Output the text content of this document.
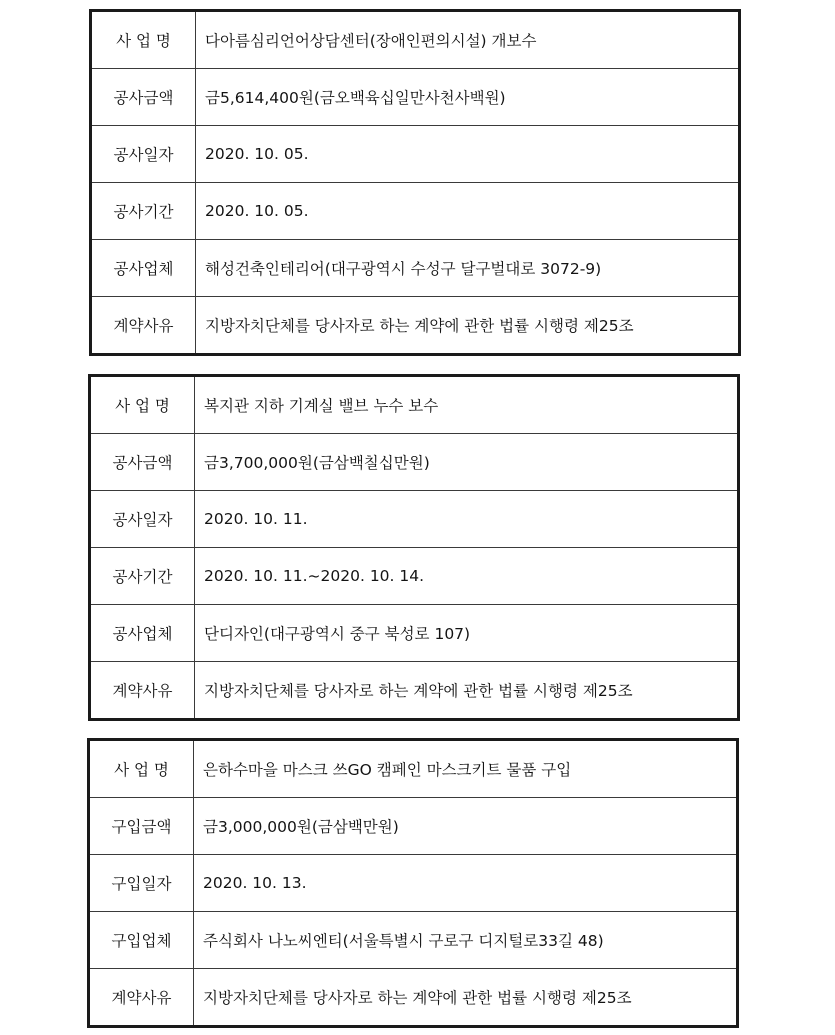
사 업 명	다아름심리언어상담센터(장애인편의시설) 개보수
공사금액	금5,614,400원(금오백육십일만사천사백원)
공사일자	2020. 10. 05.
공사기간	2020. 10. 05.
공사업체	해성건축인테리어(대구광역시 수성구 달구벌대로 3072-9)
계약사유	지방자치단체를 당사자로 하는 계약에 관한 법률 시행령 제25조
사 업 명	복지관 지하 기계실 밸브 누수 보수
공사금액	금3,700,000원(금삼백칠십만원)
공사일자	2020. 10. 11.
공사기간	2020. 10. 11.~2020. 10. 14.
공사업체	단디자인(대구광역시 중구 북성로 107)
계약사유	지방자치단체를 당사자로 하는 계약에 관한 법률 시행령 제25조
사 업 명	은하수마을 마스크 쓰GO 캠페인 마스크키트 물품 구입
구입금액	금3,000,000원(금삼백만원)
구입일자	2020. 10. 13.
구입업체	주식회사 나노씨엔티(서울특별시 구로구 디지털로33길 48)
계약사유	지방자치단체를 당사자로 하는 계약에 관한 법률 시행령 제25조
